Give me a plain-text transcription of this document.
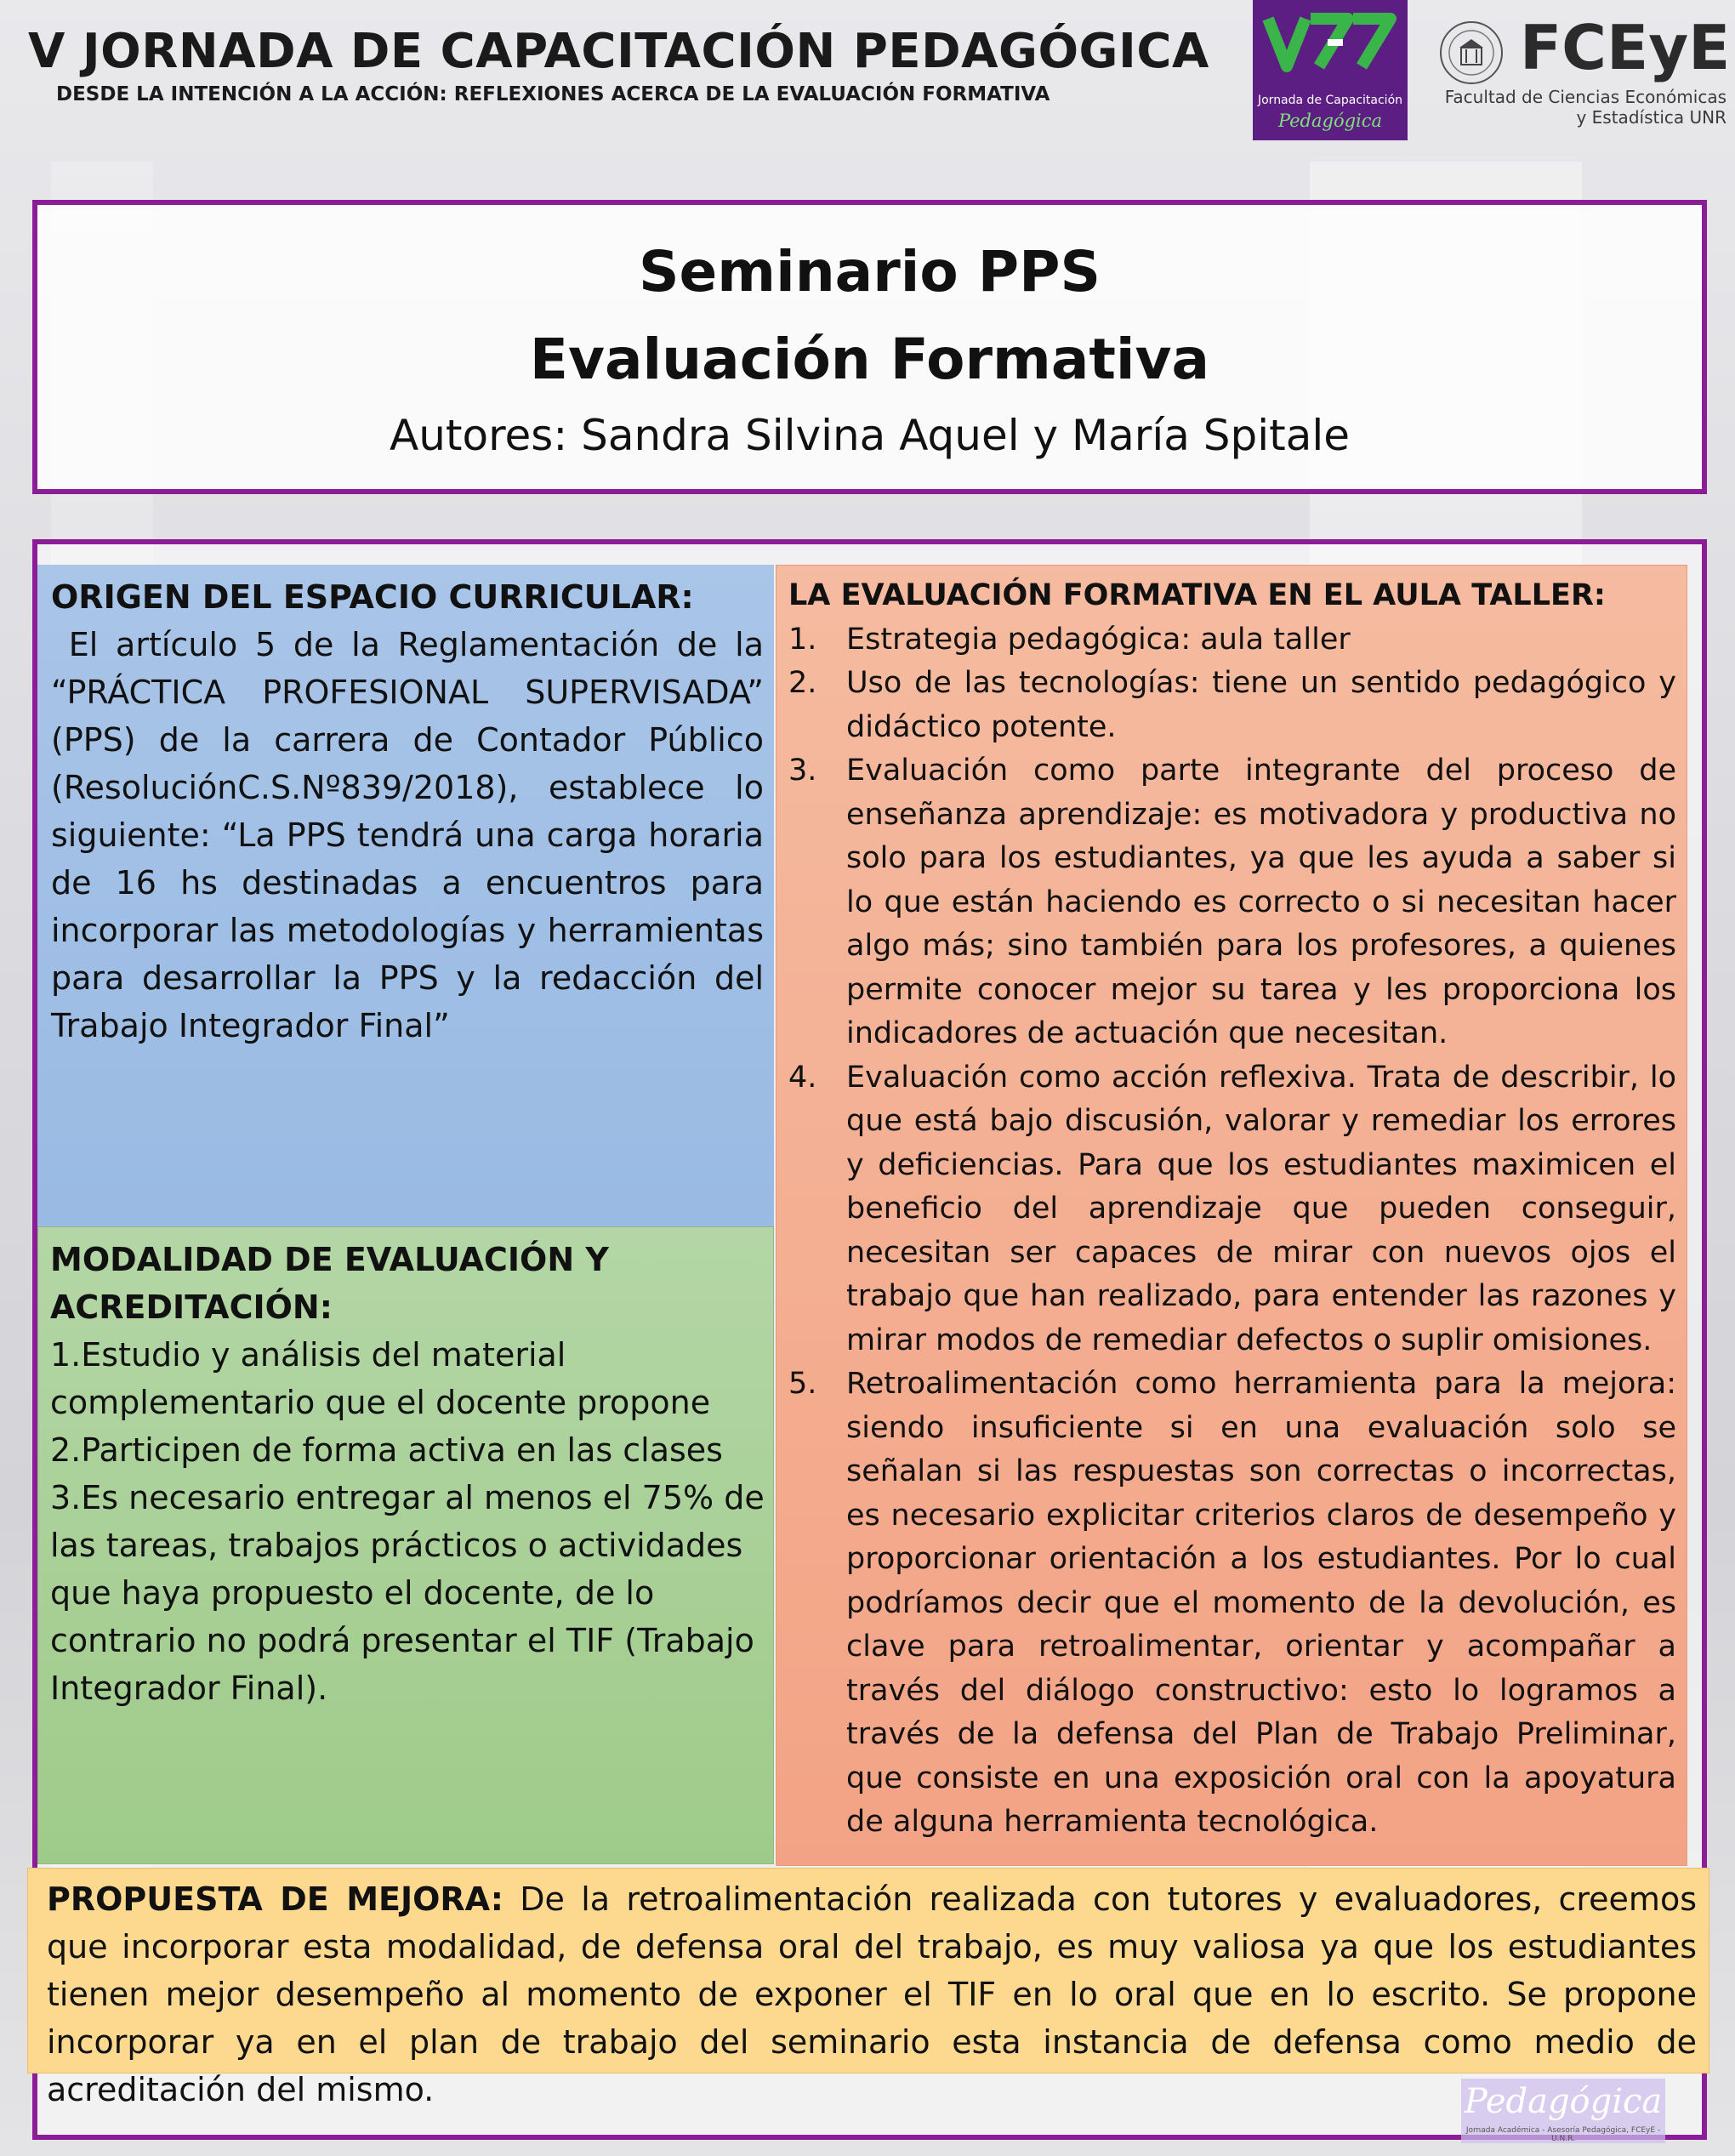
V JORNADA DE CAPACITACIÓN PEDAGÓGICA
DESDE LA INTENCIÓN A LA ACCIÓN: REFLEXIONES ACERCA DE LA EVALUACIÓN FORMATIVA	Jornada de Capacitación
Pedagógica
FCEyE
Facultad de Ciencias Económicas
y Estadística UNR
Seminario PPS
Evaluación Formativa
Autores: Sandra Silvina Aquel y María Spitale
ORIGEN DEL ESPACIO CURRICULAR:
El artículo 5 de la Reglamentación de la “PRÁCTICA PROFESIONAL SUPERVISADA” (PPS) de la carrera de Contador Público (ResoluciónC.S.Nº839/2018), establece lo siguiente: “La PPS tendrá una carga horaria de 16 hs destinadas a encuentros para incorporar las metodologías y herramientas para desarrollar la PPS y la redacción del Trabajo Integrador Final”
MODALIDAD DE EVALUACIÓN Y
ACREDITACIÓN:
1.Estudio y análisis del material complementario que el docente propone
2.Participen de forma activa en las clases
3.Es necesario entregar al menos el 75% de las tareas, trabajos prácticos o actividades que haya propuesto el docente, de lo contrario no podrá presentar el TIF (Trabajo Integrador Final).
LA EVALUACIÓN FORMATIVA EN EL AULA TALLER:
1. Estrategia pedagógica: aula taller
2. Uso de las tecnologías: tiene un sentido pedagógico y didáctico potente.
3. Evaluación como parte integrante del proceso de enseñanza aprendizaje: es motivadora y productiva no solo para los estudiantes, ya que les ayuda a saber si lo que están haciendo es correcto o si necesitan hacer algo más; sino también para los profesores, a quienes permite conocer mejor su tarea y les proporciona los indicadores de actuación que necesitan.
4. Evaluación como acción reflexiva. Trata de describir, lo que está bajo discusión, valorar y remediar los errores y deficiencias. Para que los estudiantes maximicen el beneficio del aprendizaje que pueden conseguir, necesitan ser capaces de mirar con nuevos ojos el trabajo que han realizado, para entender las razones y mirar modos de remediar defectos o suplir omisiones.
5. Retroalimentación como herramienta para la mejora: siendo insuficiente si en una evaluación solo se señalan si las respuestas son correctas o incorrectas, es necesario explicitar criterios claros de desempeño y proporcionar orientación a los estudiantes. Por lo cual podríamos decir que el momento de la devolución, es clave para retroalimentar, orientar y acompañar a través del diálogo constructivo: esto lo logramos a través de la defensa del Plan de Trabajo Preliminar, que consiste en una exposición oral con la apoyatura de alguna herramienta tecnológica.
PROPUESTA DE MEJORA: De la retroalimentación realizada con tutores y evaluadores, creemos que incorporar esta modalidad, de defensa oral del trabajo, es muy valiosa ya que los estudiantes tienen mejor desempeño al momento de exponer el TIF en lo oral que en lo escrito. Se propone incorporar ya en el plan de trabajo del seminario esta instancia de defensa como medio de acreditación del mismo.	Pedagógica
Jornada Académica - Asesoría Pedagógica, FCEyE - U.N.R.
